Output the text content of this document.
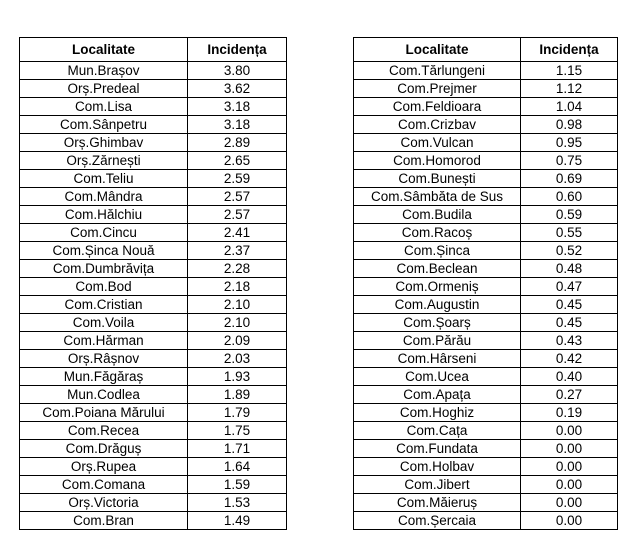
Localitate	Incidența
Mun.Brașov	3.80
Orș.Predeal	3.62
Com.Lisa	3.18
Com.Sânpetru	3.18
Orș.Ghimbav	2.89
Orș.Zărnești	2.65
Com.Teliu	2.59
Com.Mândra	2.57
Com.Hălchiu	2.57
Com.Cincu	2.41
Com.Șinca Nouă	2.37
Com.Dumbrăvița	2.28
Com.Bod	2.18
Com.Cristian	2.10
Com.Voila	2.10
Com.Hărman	2.09
Orș.Râșnov	2.03
Mun.Făgăraș	1.93
Mun.Codlea	1.89
Com.Poiana Mărului	1.79
Com.Recea	1.75
Com.Drăguș	1.71
Orș.Rupea	1.64
Com.Comana	1.59
Orș.Victoria	1.53
Com.Bran	1.49
Localitate	Incidența
Com.Tărlungeni	1.15
Com.Prejmer	1.12
Com.Feldioara	1.04
Com.Crizbav	0.98
Com.Vulcan	0.95
Com.Homorod	0.75
Com.Bunești	0.69
Com.Sâmbăta de Sus	0.60
Com.Budila	0.59
Com.Racoș	0.55
Com.Șinca	0.52
Com.Beclean	0.48
Com.Ormeniș	0.47
Com.Augustin	0.45
Com.Șoarș	0.45
Com.Părău	0.43
Com.Hârseni	0.42
Com.Ucea	0.40
Com.Apața	0.27
Com.Hoghiz	0.19
Com.Cața	0.00
Com.Fundata	0.00
Com.Holbav	0.00
Com.Jibert	0.00
Com.Măieruș	0.00
Com.Șercaia	0.00
